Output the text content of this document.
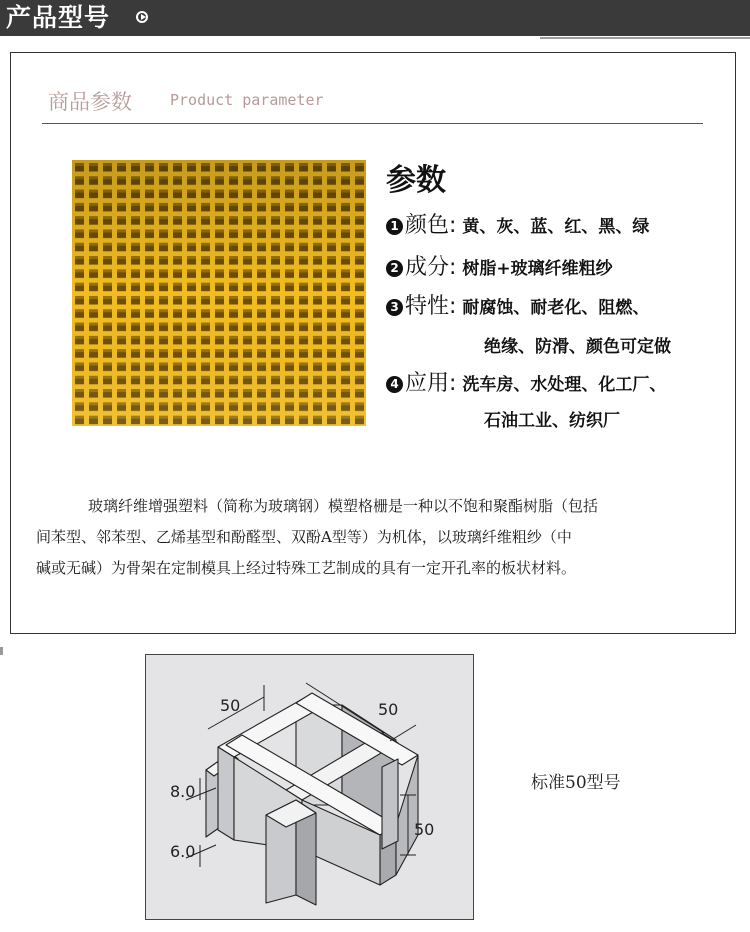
产品型号
商品参数	Product parameter
参数
1 颜色: 黄、灰、蓝、红、黑、绿
2 成分: 树脂+玻璃纤维粗纱
3 特性: 耐腐蚀、耐老化、阻燃、
绝缘、防滑、颜色可定做
4 应用: 洗车房、水处理、化工厂、
石油工业、纺织厂
玻璃纤维增强塑料（简称为玻璃钢）模塑格栅是一种以不饱和聚酯树脂（包括
间苯型、邻苯型、乙烯基型和酚醛型、双酚A型等）为机体，以玻璃纤维粗纱（中
碱或无碱）为骨架在定制模具上经过特殊工艺制成的具有一定开孔率的板状材料。
50	50
8.0
6.0
50
标准50型号
